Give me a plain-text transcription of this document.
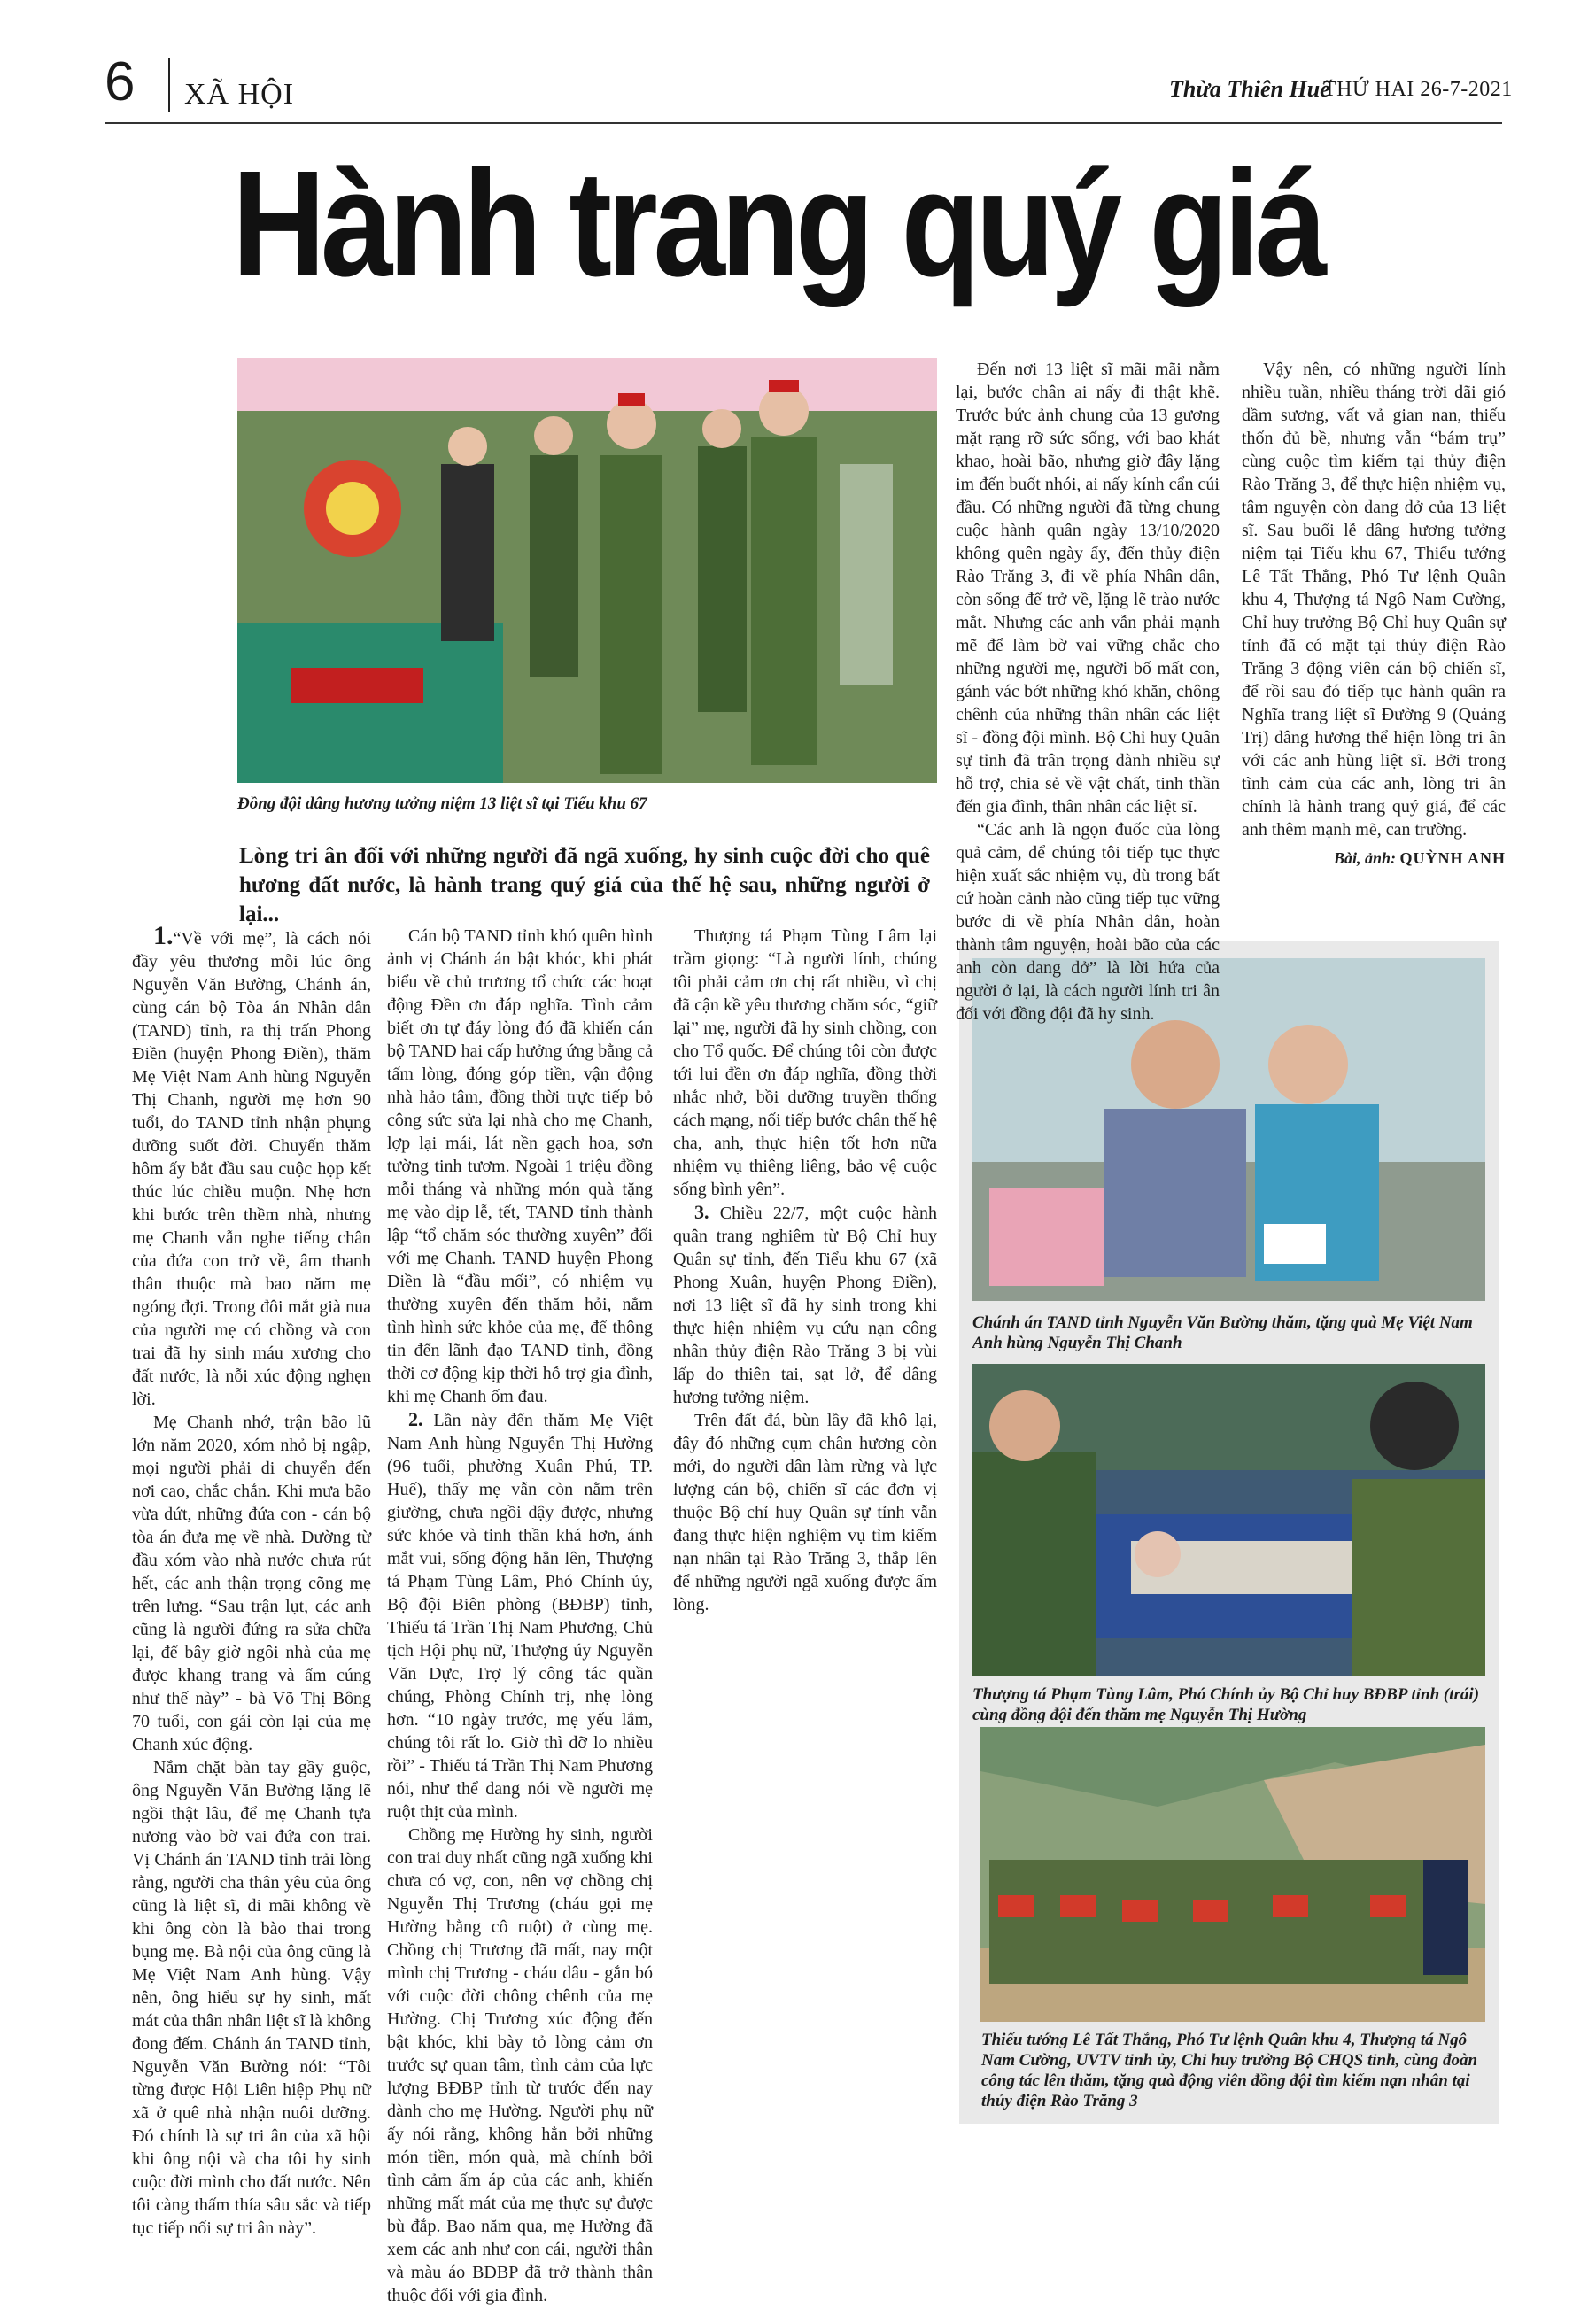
6 XÃ HỘI	Thừa Thiên Huế
THỨ HAI 26-7-2021
Hành trang quý giá
Đồng đội dâng hương tưởng niệm 13 liệt sĩ tại Tiểu khu 67
Lòng tri ân đối với những người đã ngã xuống, hy sinh cuộc đời cho quê hương đất nước, là hành trang quý giá của thế hệ sau, những người ở lại...
Chánh án TAND tỉnh Nguyễn Văn Bường thăm, tặng quà Mẹ Việt Nam Anh hùng Nguyễn Thị Chanh
Thượng tá Phạm Tùng Lâm, Phó Chính ủy Bộ Chỉ huy BĐBP tỉnh (trái) cùng đồng đội đến thăm mẹ Nguyễn Thị Hường
Thiếu tướng Lê Tất Thắng, Phó Tư lệnh Quân khu 4, Thượng tá Ngô Nam Cường, UVTV tỉnh ủy, Chỉ huy trưởng Bộ CHQS tỉnh, cùng đoàn công tác lên thăm, tặng quà động viên đồng đội tìm kiếm nạn nhân tại thủy điện Rào Trăng 3

1.“Về với mẹ”, là cách nói đầy yêu thương mỗi lúc ông Nguyễn Văn Bường, Chánh án, cùng cán bộ Tòa án Nhân dân (TAND) tỉnh, ra thị trấn Phong Điền (huyện Phong Điền), thăm Mẹ Việt Nam Anh hùng Nguyễn Thị Chanh, người mẹ hơn 90 tuổi, do TAND tỉnh nhận phụng dưỡng suốt đời. Chuyến thăm hôm ấy bắt đầu sau cuộc họp kết thúc lúc chiều muộn. Nhẹ hơn khi bước trên thềm nhà, nhưng mẹ Chanh vẫn nghe tiếng chân của đứa con trở về, âm thanh thân thuộc mà bao năm mẹ ngóng đợi. Trong đôi mắt già nua của người mẹ có chồng và con trai đã hy sinh máu xương cho đất nước, là nỗi xúc động nghẹn lời.

Mẹ Chanh nhớ, trận bão lũ lớn năm 2020, xóm nhỏ bị ngập, mọi người phải di chuyển đến nơi cao, chắc chắn. Khi mưa bão vừa dứt, những đứa con - cán bộ tòa án đưa mẹ về nhà. Đường từ đầu xóm vào nhà nước chưa rút hết, các anh thận trọng cõng mẹ trên lưng. “Sau trận lụt, các anh cũng là người đứng ra sửa chữa lại, để bây giờ ngôi nhà của mẹ được khang trang và ấm cúng như thế này” - bà Võ Thị Bông 70 tuổi, con gái còn lại của mẹ Chanh xúc động.

Nắm chặt bàn tay gầy guộc, ông Nguyễn Văn Bường lặng lẽ ngồi thật lâu, để mẹ Chanh tựa nương vào bờ vai đứa con trai. Vị Chánh án TAND tỉnh trải lòng rằng, người cha thân yêu của ông cũng là liệt sĩ, đi mãi không về khi ông còn là bào thai trong bụng mẹ. Bà nội của ông cũng là Mẹ Việt Nam Anh hùng. Vậy nên, ông hiểu sự hy sinh, mất mát của thân nhân liệt sĩ là không đong đếm. Chánh án TAND tỉnh, Nguyễn Văn Bường nói: “Tôi từng được Hội Liên hiệp Phụ nữ xã ở quê nhà nhận nuôi dưỡng. Đó chính là sự tri ân của xã hội khi ông nội và cha tôi hy sinh cuộc đời mình cho đất nước. Nên tôi càng thấm thía sâu sắc và tiếp tục tiếp nối sự tri ân này”.

Cán bộ TAND tỉnh khó quên hình ảnh vị Chánh án bật khóc, khi phát biểu về chủ trương tổ chức các hoạt động Đền ơn đáp nghĩa. Tình cảm biết ơn tự đáy lòng đó đã khiến cán bộ TAND hai cấp hưởng ứng bằng cả tấm lòng, đóng góp tiền, vận động nhà hảo tâm, đồng thời trực tiếp bỏ công sức sửa lại nhà cho mẹ Chanh, lợp lại mái, lát nền gạch hoa, sơn tường tinh tươm. Ngoài 1 triệu đồng mỗi tháng và những món quà tặng mẹ vào dịp lễ, tết, TAND tỉnh thành lập “tổ chăm sóc thường xuyên” đối với mẹ Chanh. TAND huyện Phong Điền là “đầu mối”, có nhiệm vụ thường xuyên đến thăm hỏi, nắm tình hình sức khỏe của mẹ, để thông tin đến lãnh đạo TAND tỉnh, đồng thời cơ động kịp thời hỗ trợ gia đình, khi mẹ Chanh ốm đau.

2. Lần này đến thăm Mẹ Việt Nam Anh hùng Nguyễn Thị Hường (96 tuổi, phường Xuân Phú, TP. Huế), thấy mẹ vẫn còn nằm trên giường, chưa ngồi dậy được, nhưng sức khỏe và tinh thần khá hơn, ánh mắt vui, sống động hẳn lên, Thượng tá Phạm Tùng Lâm, Phó Chính ủy, Bộ đội Biên phòng (BĐBP) tỉnh, Thiếu tá Trần Thị Nam Phương, Chủ tịch Hội phụ nữ, Thượng úy Nguyễn Văn Dực, Trợ lý công tác quần chúng, Phòng Chính trị, nhẹ lòng hơn. “10 ngày trước, mẹ yếu lắm, chúng tôi rất lo. Giờ thì đỡ lo nhiều rồi” - Thiếu tá Trần Thị Nam Phương nói, như thể đang nói về người mẹ ruột thịt của mình.

Chồng mẹ Hường hy sinh, người con trai duy nhất cũng ngã xuống khi chưa có vợ, con, nên vợ chồng chị Nguyễn Thị Trương (cháu gọi mẹ Hường bằng cô ruột) ở cùng mẹ. Chồng chị Trương đã mất, nay một mình chị Trương - cháu dâu - gắn bó với cuộc đời chông chênh của mẹ Hường. Chị Trương xúc động đến bật khóc, khi bày tỏ lòng cảm ơn trước sự quan tâm, tình cảm của lực lượng BĐBP tỉnh từ trước đến nay dành cho mẹ Hường. Người phụ nữ ấy nói rằng, không hẳn bởi những món tiền, món quà, mà chính bởi tình cảm ấm áp của các anh, khiến những mất mát của mẹ thực sự được bù đắp. Bao năm qua, mẹ Hường đã xem các anh như con cái, người thân và màu áo BĐBP đã trở thành thân thuộc đối với gia đình.

Thượng tá Phạm Tùng Lâm lại trầm giọng: “Là người lính, chúng tôi phải cảm ơn chị rất nhiều, vì chị đã cận kề yêu thương chăm sóc, “giữ lại” mẹ, người đã hy sinh chồng, con cho Tổ quốc. Để chúng tôi còn được tới lui đền ơn đáp nghĩa, đồng thời nhắc nhở, bồi dưỡng truyền thống cách mạng, nối tiếp bước chân thế hệ cha, anh, thực hiện tốt hơn nữa nhiệm vụ thiêng liêng, bảo vệ cuộc sống bình yên”.

3. Chiều 22/7, một cuộc hành quân trang nghiêm từ Bộ Chỉ huy Quân sự tỉnh, đến Tiểu khu 67 (xã Phong Xuân, huyện Phong Điền), nơi 13 liệt sĩ đã hy sinh trong khi thực hiện nhiệm vụ cứu nạn công nhân thủy điện Rào Trăng 3 bị vùi lấp do thiên tai, sạt lở, để dâng hương tưởng niệm.

Trên đất đá, bùn lầy đã khô lại, đây đó những cụm chân hương còn mới, do người dân làm rừng và lực lượng cán bộ, chiến sĩ các đơn vị thuộc Bộ chỉ huy Quân sự tỉnh vẫn đang thực hiện nghiệm vụ tìm kiếm nạn nhân tại Rào Trăng 3, thắp lên để những người ngã xuống được ấm lòng.

Đến nơi 13 liệt sĩ mãi mãi nằm lại, bước chân ai nấy đi thật khẽ. Trước bức ảnh chung của 13 gương mặt rạng rỡ sức sống, với bao khát khao, hoài bão, nhưng giờ đây lặng im đến buốt nhói, ai nấy kính cẩn cúi đầu. Có những người đã từng chung cuộc hành quân ngày 13/10/2020 không quên ngày ấy, đến thủy điện Rào Trăng 3, đi về phía Nhân dân, còn sống để trở về, lặng lẽ trào nước mắt. Nhưng các anh vẫn phải mạnh mẽ để làm bờ vai vững chắc cho những người mẹ, người bố mất con, gánh vác bớt những khó khăn, chông chênh của những thân nhân các liệt sĩ - đồng đội mình. Bộ Chỉ huy Quân sự tỉnh đã trân trọng dành nhiều sự hỗ trợ, chia sẻ về vật chất, tinh thần đến gia đình, thân nhân các liệt sĩ.

“Các anh là ngọn đuốc của lòng quả cảm, để chúng tôi tiếp tục thực hiện xuất sắc nhiệm vụ, dù trong bất cứ hoàn cảnh nào cũng tiếp tục vững bước đi về phía Nhân dân, hoàn thành tâm nguyện, hoài bão của các anh còn dang dở” là lời hứa của người ở lại, là cách người lính tri ân đối với đồng đội đã hy sinh.

Vậy nên, có những người lính nhiều tuần, nhiều tháng trời dãi gió dầm sương, vất vả gian nan, thiếu thốn đủ bề, nhưng vẫn “bám trụ” cùng cuộc tìm kiếm tại thủy điện Rào Trăng 3, để thực hiện nhiệm vụ, tâm nguyện còn dang dở của 13 liệt sĩ. Sau buổi lễ dâng hương tưởng niệm tại Tiểu khu 67, Thiếu tướng Lê Tất Thắng, Phó Tư lệnh Quân khu 4, Thượng tá Ngô Nam Cường, Chỉ huy trưởng Bộ Chỉ huy Quân sự tỉnh đã có mặt tại thủy điện Rào Trăng 3 động viên cán bộ chiến sĩ, để rồi sau đó tiếp tục hành quân ra Nghĩa trang liệt sĩ Đường 9 (Quảng Trị) dâng hương thể hiện lòng tri ân với các anh hùng liệt sĩ. Bởi trong tình cảm của các anh, lòng tri ân chính là hành trang quý giá, để các anh thêm mạnh mẽ, can trường.

Bài, ảnh: QUỲNH ANH
